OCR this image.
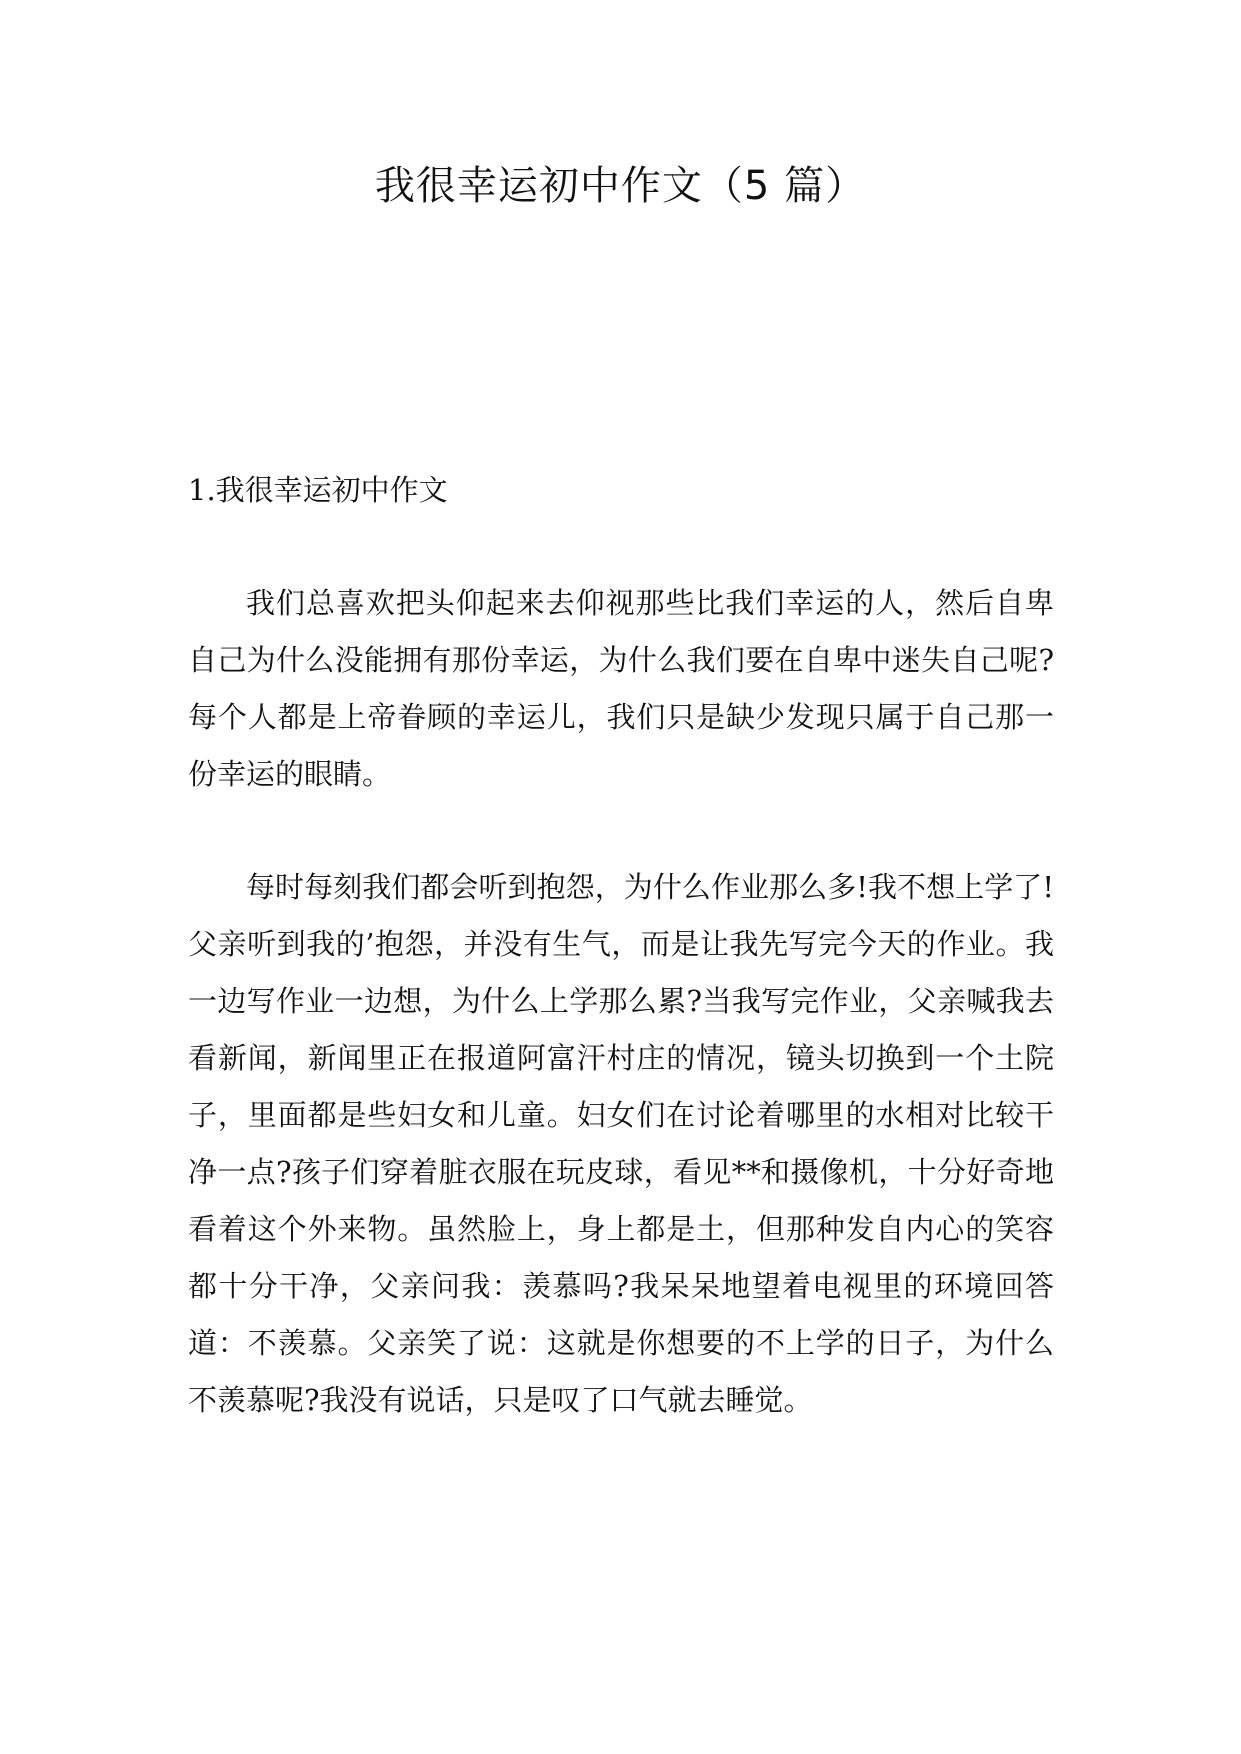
我很幸运初中作文（5 篇）

1.我很幸运初中作文

我们总喜欢把头仰起来去仰视那些比我们幸运的人，然后自卑自己为什么没能拥有那份幸运，为什么我们要在自卑中迷失自己呢?每个人都是上帝眷顾的幸运儿，我们只是缺少发现只属于自己那一份幸运的眼睛。

每时每刻我们都会听到抱怨，为什么作业那么多!我不想上学了!父亲听到我的’抱怨，并没有生气，而是让我先写完今天的作业。我一边写作业一边想，为什么上学那么累?当我写完作业，父亲喊我去看新闻，新闻里正在报道阿富汗村庄的情况，镜头切换到一个土院子，里面都是些妇女和儿童。妇女们在讨论着哪里的水相对比较干净一点?孩子们穿着脏衣服在玩皮球，看见**和摄像机，十分好奇地看着这个外来物。虽然脸上，身上都是土，但那种发自内心的笑容都十分干净，父亲问我：羡慕吗?我呆呆地望着电视里的环境回答道：不羡慕。父亲笑了说：这就是你想要的不上学的日子，为什么不羡慕呢?我没有说话，只是叹了口气就去睡觉。
